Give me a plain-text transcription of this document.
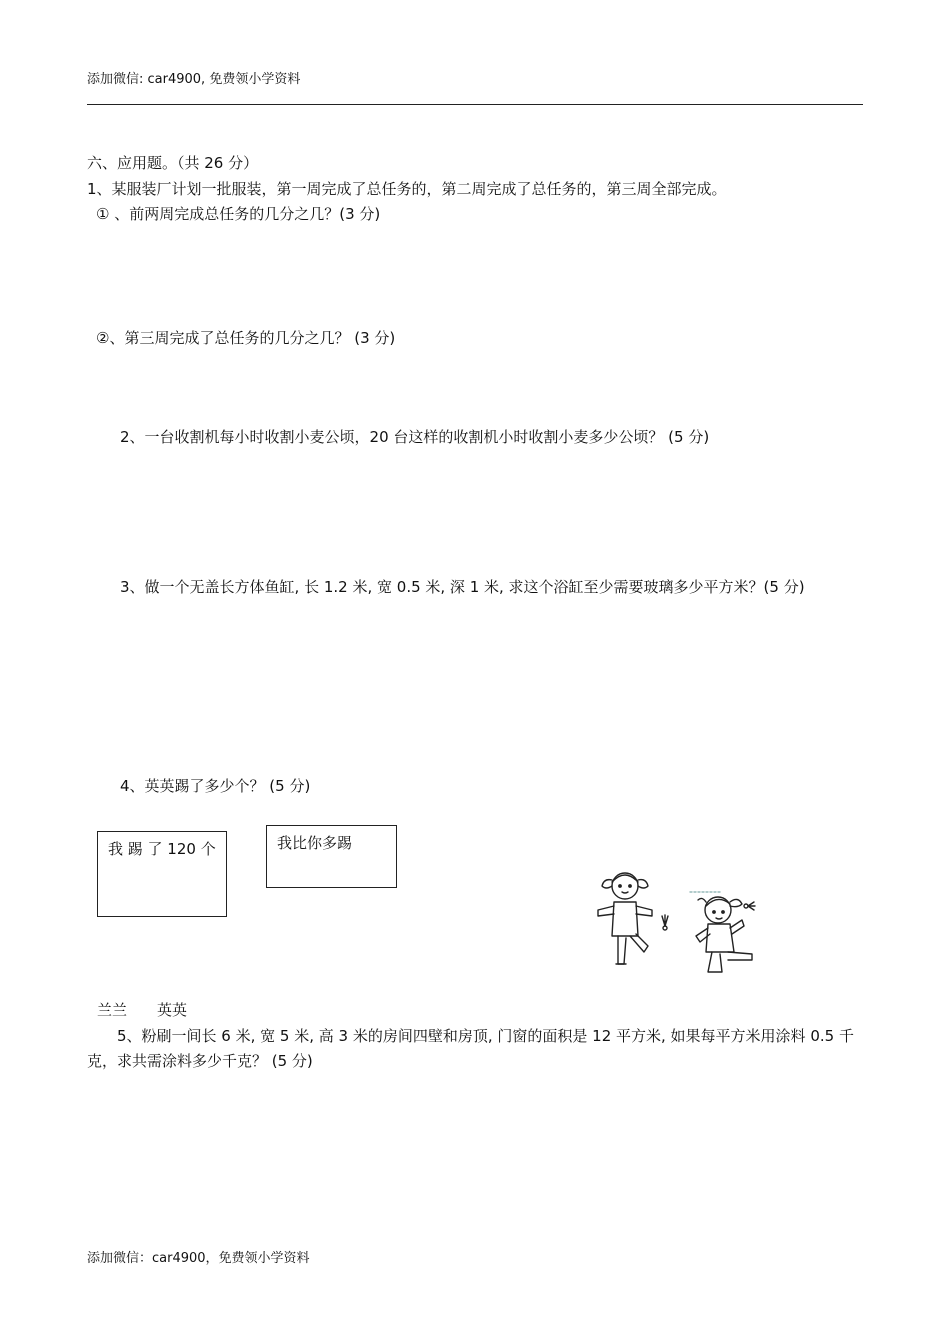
添加微信: car4900, 免费领小学资料
六、应用题。（共 26 分）
1、某服装厂计划一批服装，第一周完成了总任务的，第二周完成了总任务的，第三周全部完成。
① 、前两周完成总任务的几分之几？(3 分)
②、第三周完成了总任务的几分之几？ (3 分)
2、一台收割机每小时收割小麦公顷，20 台这样的收割机小时收割小麦多少公顷？ (5 分)
3、做一个无盖长方体鱼缸, 长 1.2 米, 宽 0.5 米, 深 1 米, 求这个浴缸至少需要玻璃多少平方米？(5 分)
4、英英踢了多少个？ (5 分)
我 踢 了 120 个	我比你多踢
兰兰　　英英
5、粉刷一间长 6 米, 宽 5 米, 高 3 米的房间四壁和房顶, 门窗的面积是 12 平方米, 如果每平方米用涂料 0.5 千克，求共需涂料多少千克？ (5 分)
添加微信：car4900，免费领小学资料
